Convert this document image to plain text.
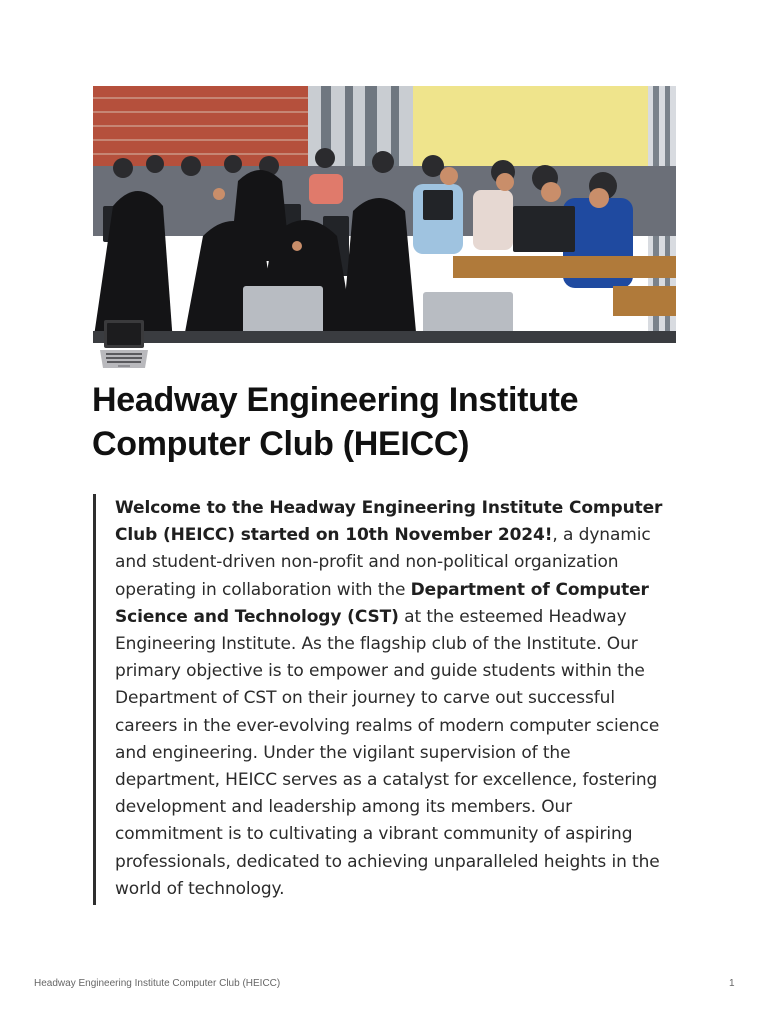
Headway Engineering Institute
Computer Club (HEICC)

Welcome to the Headway Engineering Institute Computer Club (HEICC) started on 10th November 2024!, a dynamic and student-driven non-profit and non-political organization operating in collaboration with the Department of Computer Science and Technology (CST) at the esteemed Headway Engineering Institute. As the flagship club of the Institute. Our primary objective is to empower and guide students within the Department of CST on their journey to carve out successful careers in the ever-evolving realms of modern computer science and engineering. Under the vigilant supervision of the department, HEICC serves as a catalyst for excellence, fostering development and leadership among its members. Our commitment is to cultivating a vibrant community of aspiring professionals, dedicated to achieving unparalleled heights in the world of technology.

Headway Engineering Institute Computer Club (HEICC)	1
